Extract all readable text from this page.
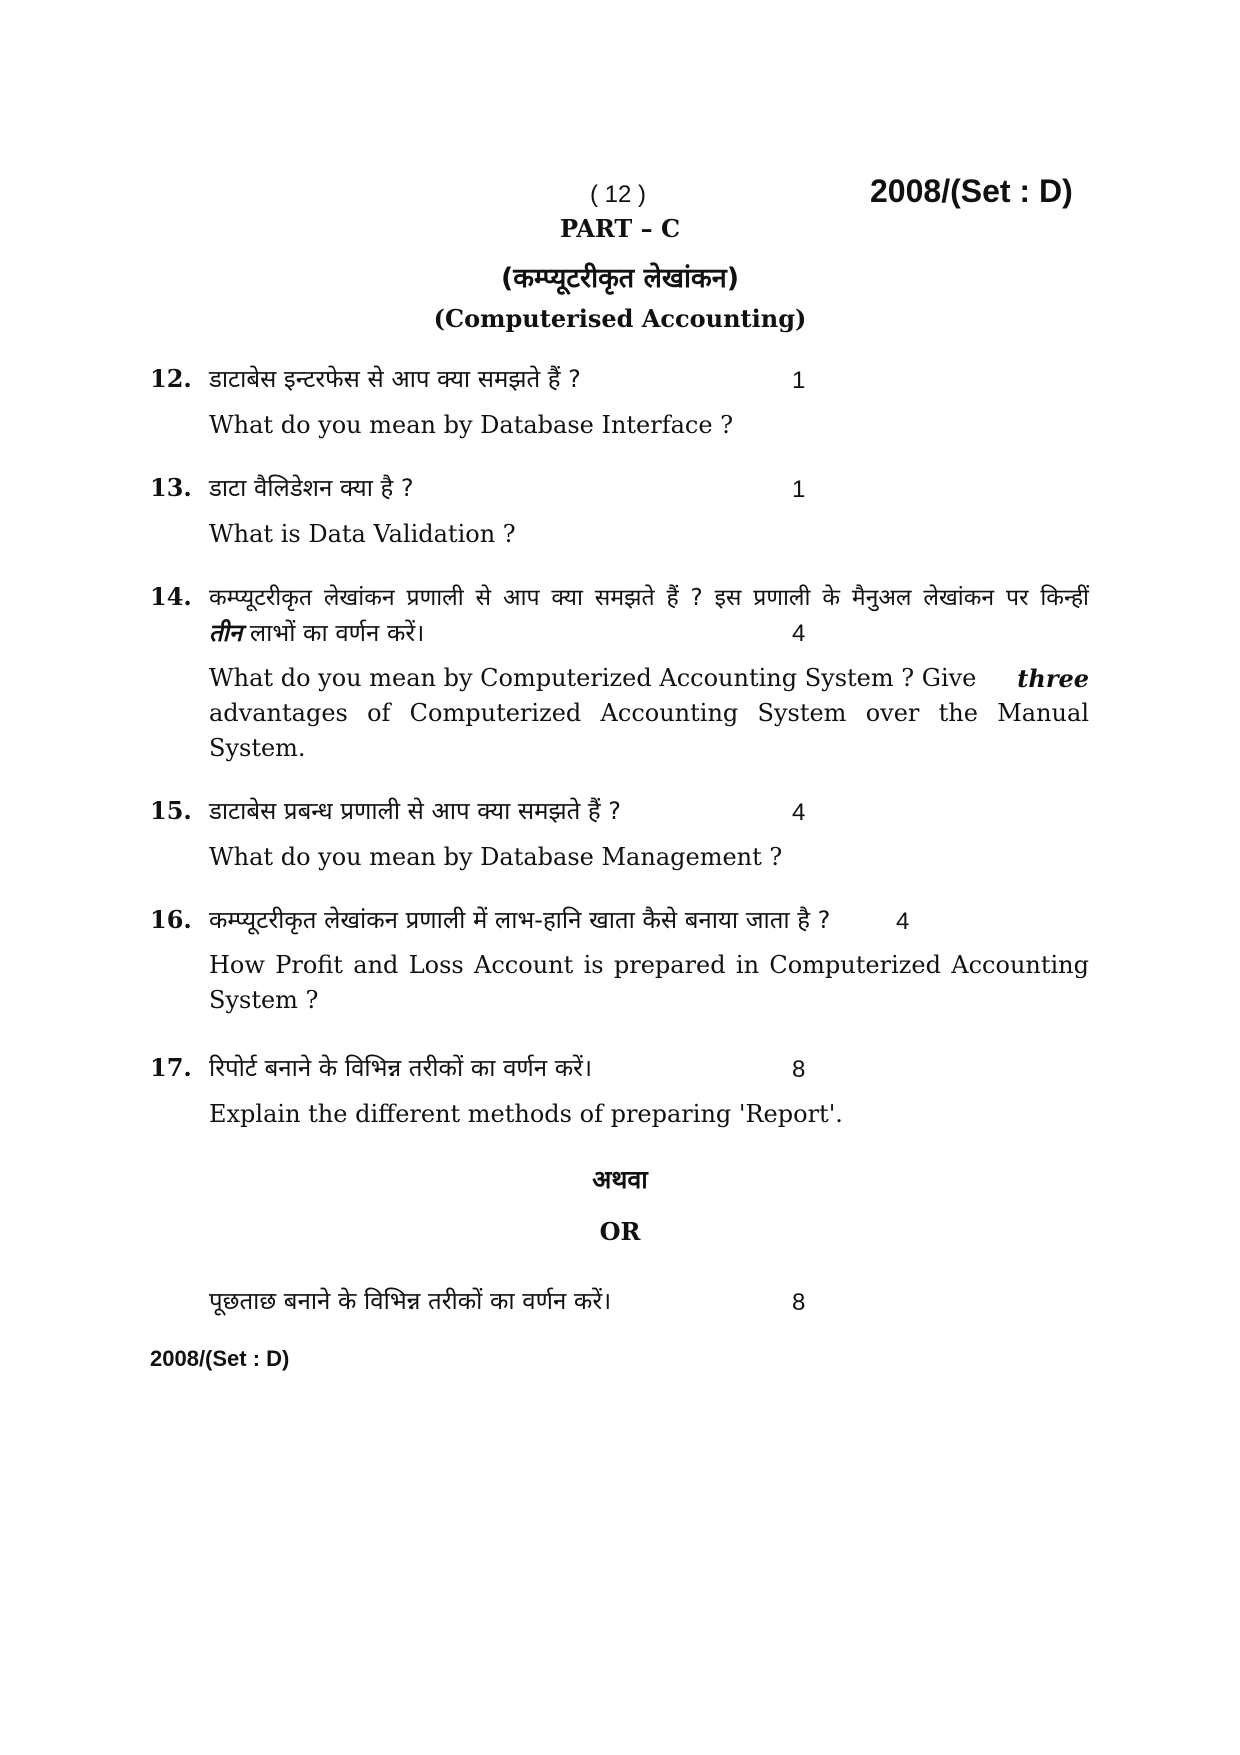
( 12 )	2008/(Set : D)
PART – C
(कम्प्यूटरीकृत लेखांकन)
(Computerised Accounting)
12. डाटाबेस इन्टरफेस से आप क्या समझते हैं ?	1
What do you mean by Database Interface ?
13. डाटा वैलिडेशन क्या है ?	1
What is Data Validation ?
14. कम्प्यूटरीकृत लेखांकन प्रणाली से आप क्या समझते हैं ? इस प्रणाली के मैनुअल लेखांकन पर किन्हीं
तीन लाभों का वर्णन करें।	4
What do you mean by Computerized Accounting System ? Give three
advantages of Computerized Accounting System over the Manual
System.
15. डाटाबेस प्रबन्ध प्रणाली से आप क्या समझते हैं ?	4
What do you mean by Database Management ?
16. कम्प्यूटरीकृत लेखांकन प्रणाली में लाभ-हानि खाता कैसे बनाया जाता है ?	4
How Profit and Loss Account is prepared in Computerized Accounting
System ?
17. रिपोर्ट बनाने के विभिन्न तरीकों का वर्णन करें।	8
Explain the different methods of preparing 'Report'.
अथवा
OR
पूछताछ बनाने के विभिन्न तरीकों का वर्णन करें।	8
2008/(Set : D)
